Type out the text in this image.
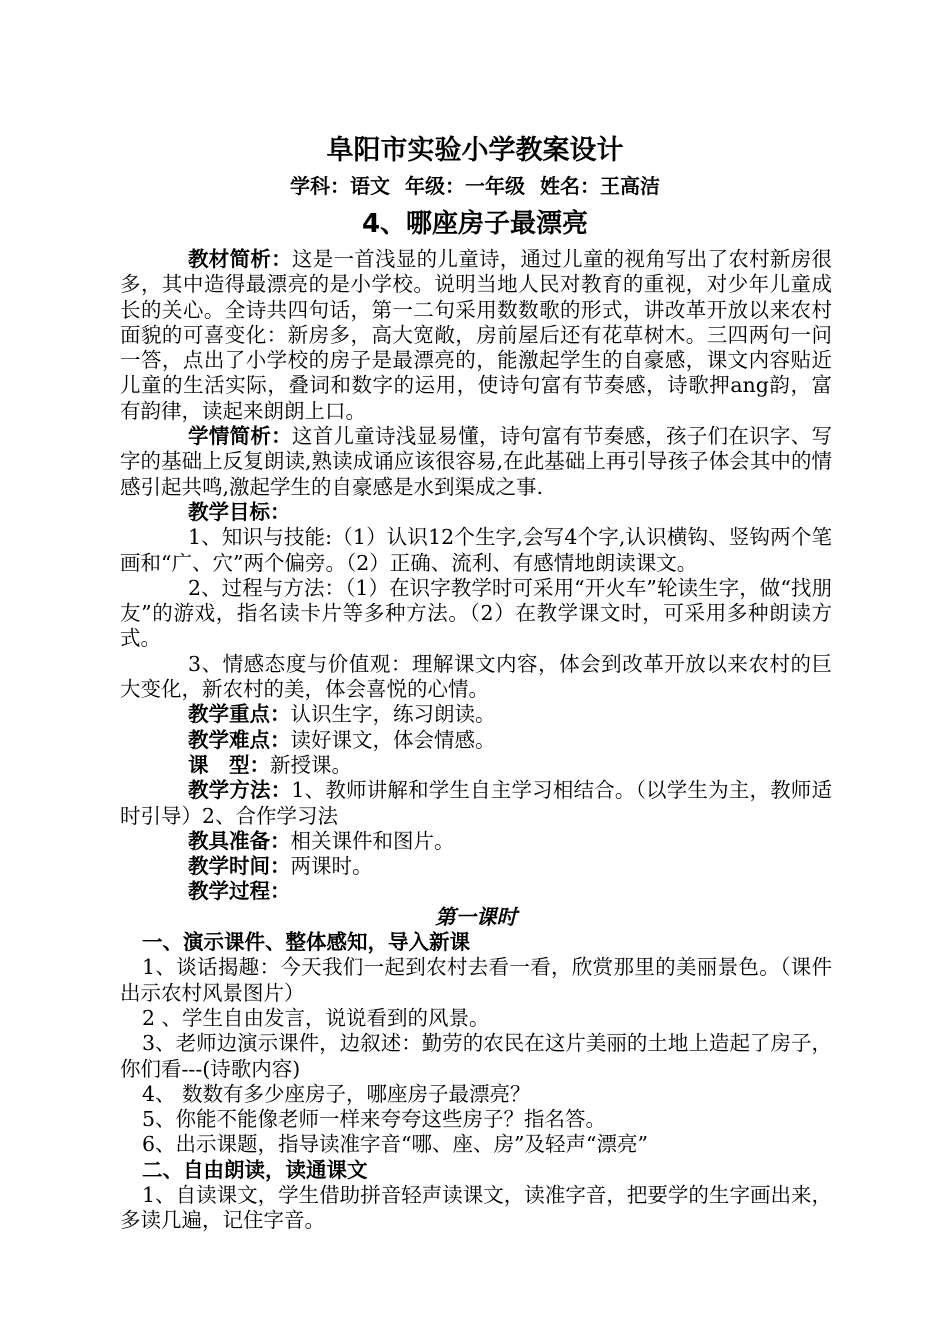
阜阳市实验小学教案设计
学科：语文 年级：一年级 姓名：王高洁
4、哪座房子最漂亮

教材简析：这是一首浅显的儿童诗，通过儿童的视角写出了农村新房很多，其中造得最漂亮的是小学校。说明当地人民对教育的重视，对少年儿童成长的关心。全诗共四句话，第一二句采用数数歌的形式，讲改革开放以来农村面貌的可喜变化：新房多，高大宽敞，房前屋后还有花草树木。三四两句一问一答，点出了小学校的房子是最漂亮的，能激起学生的自豪感，课文内容贴近儿童的生活实际，叠词和数字的运用，使诗句富有节奏感，诗歌押ang韵，富有韵律，读起来朗朗上口。

学情简析：这首儿童诗浅显易懂，诗句富有节奏感，孩子们在识字、写字的基础上反复朗读,熟读成诵应该很容易,在此基础上再引导孩子体会其中的情感引起共鸣,激起学生的自豪感是水到渠成之事.

教学目标：

1、知识与技能:（1）认识12个生字,会写4个字,认识横钩、竖钩两个笔画和“广、穴”两个偏旁。（2）正确、流利、有感情地朗读课文。

2、过程与方法：（1）在识字教学时可采用“开火车”轮读生字，做“找朋友”的游戏，指名读卡片等多种方法。（2）在教学课文时，可采用多种朗读方式。

3、情感态度与价值观：理解课文内容，体会到改革开放以来农村的巨大变化，新农村的美，体会喜悦的心情。

教学重点：认识生字，练习朗读。

教学难点：读好课文，体会情感。

课　型：新授课。

教学方法：1、教师讲解和学生自主学习相结合。（以学生为主，教师适时引导）2、合作学习法

教具准备：相关课件和图片。

教学时间：两课时。

教学过程：

第一课时

一、演示课件、整体感知，导入新课

1、谈话揭趣：今天我们一起到农村去看一看，欣赏那里的美丽景色。（课件出示农村风景图片）

2 、学生自由发言，说说看到的风景。

3、老师边演示课件，边叙述：勤劳的农民在这片美丽的土地上造起了房子，你们看---(诗歌内容)

4、 数数有多少座房子，哪座房子最漂亮？

5、你能不能像老师一样来夸夸这些房子？指名答。

6、出示课题，指导读准字音“哪、座、房”及轻声“漂亮”

二、自由朗读，读通课文

1、自读课文，学生借助拼音轻声读课文，读准字音，把要学的生字画出来，多读几遍，记住字音。
